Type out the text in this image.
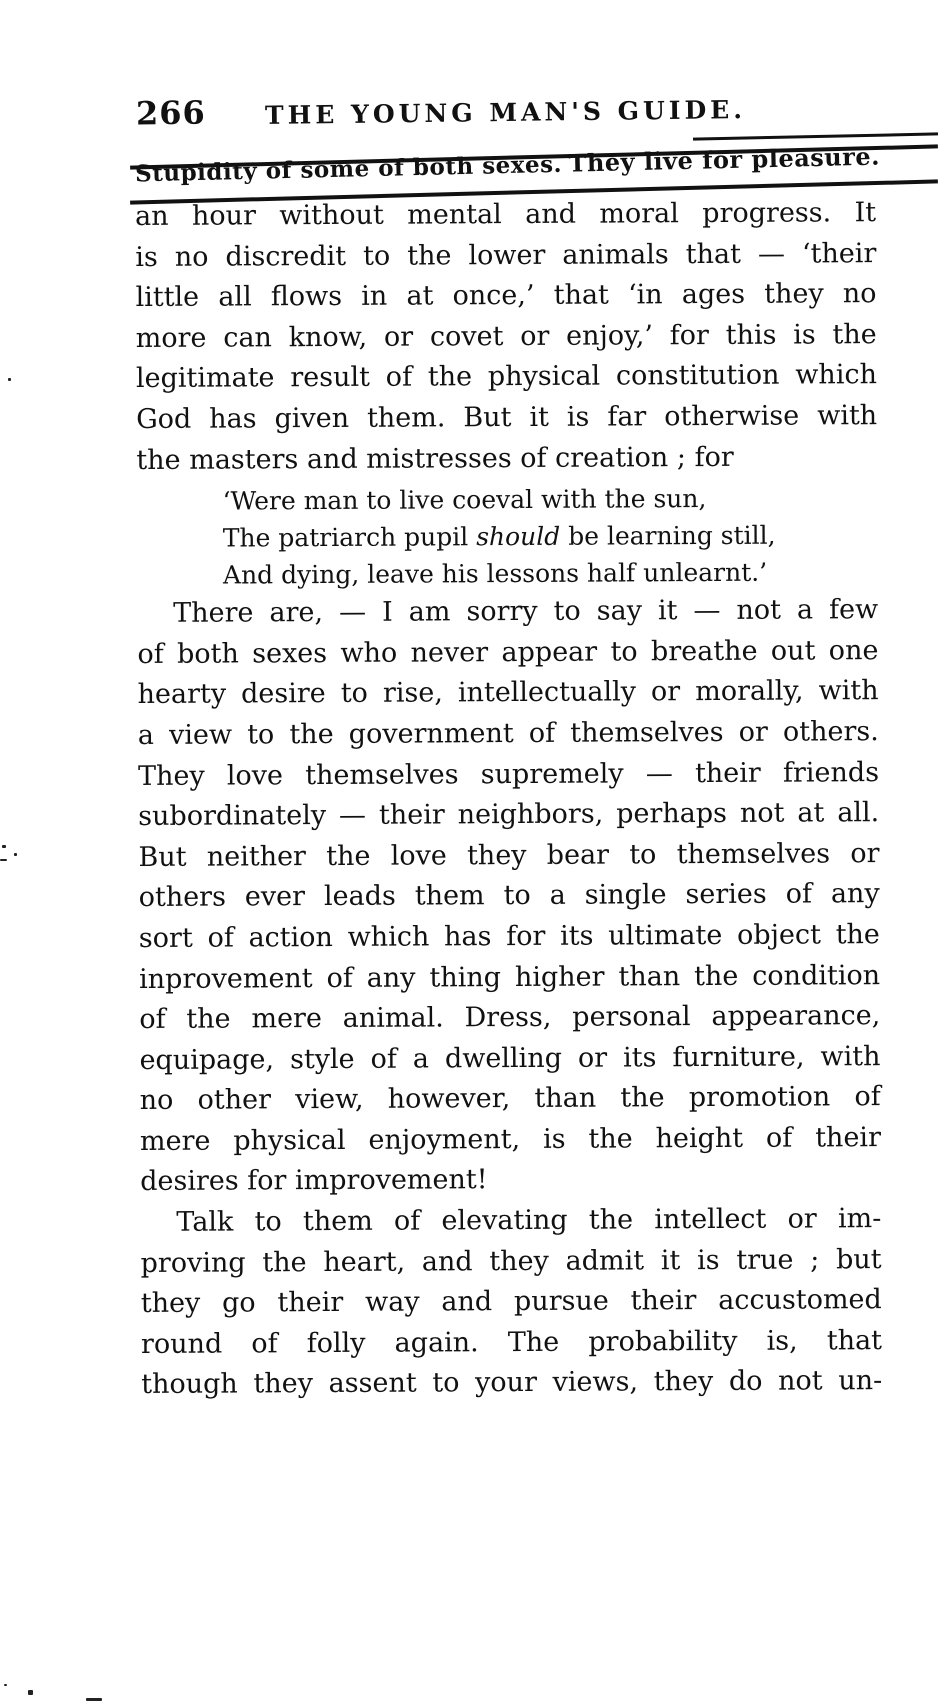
266	THE YOUNG MAN'S GUIDE.
Stupidity of some of both sexes. They live for pleasure.
an hour without mental and moral progress. It
is no discredit to the lower animals that — ‘their
little all flows in at once,’ that ‘in ages they no
more can know, or covet or enjoy,’ for this is the
legitimate result of the physical constitution which
God has given them. But it is far otherwise with
the masters and mistresses of creation ; for
‘Were man to live coeval with the sun,
The patriarch pupil should be learning still,
And dying, leave his lessons half unlearnt.’
There are, — I am sorry to say it — not a few
of both sexes who never appear to breathe out one
hearty desire to rise, intellectually or morally, with
a view to the government of themselves or others.
They love themselves supremely — their friends
subordinately — their neighbors, perhaps not at all.
But neither the love they bear to themselves or
others ever leads them to a single series of any
sort of action which has for its ultimate object the
inprovement of any thing higher than the condition
of the mere animal. Dress, personal appearance,
equipage, style of a dwelling or its furniture, with
no other view, however, than the promotion of
mere physical enjoyment, is the height of their
desires for improvement!
Talk to them of elevating the intellect or im-
proving the heart, and they admit it is true ; but
they go their way and pursue their accustomed
round of folly again. The probability is, that
though they assent to your views, they do not un-
